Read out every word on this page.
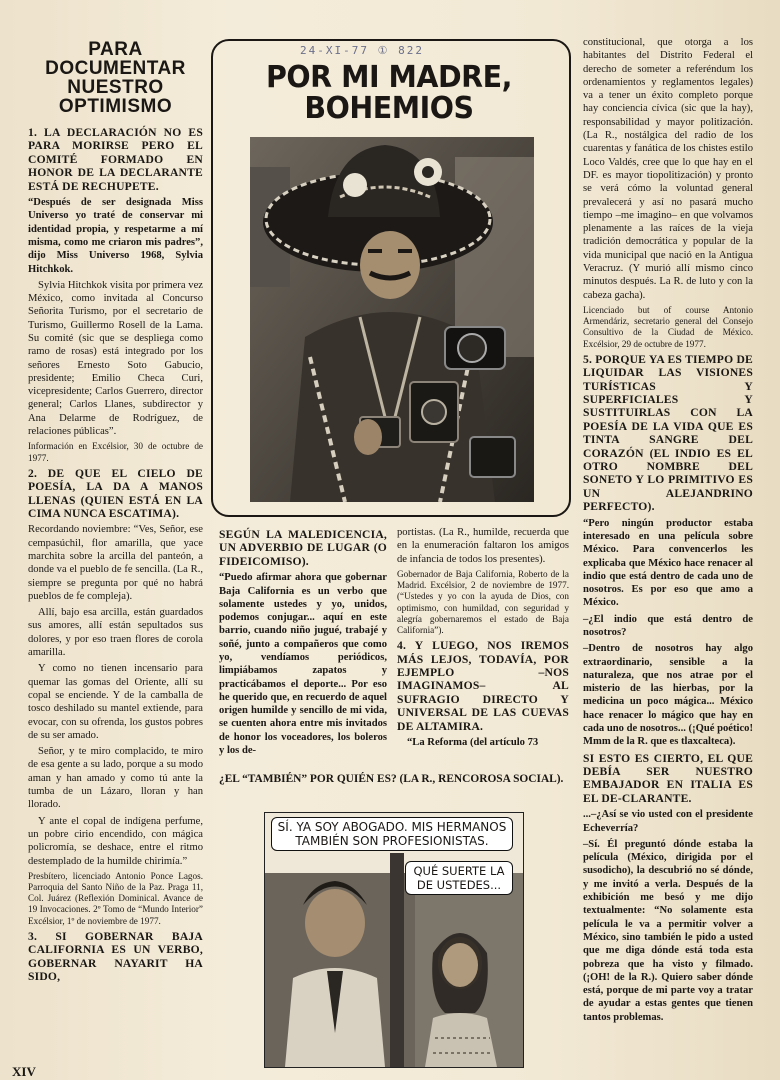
PARA
DOCUMENTAR
NUESTRO
OPTIMISMO
1. LA DECLARACIÓN NO ES PARA MORIRSE PERO EL COMITÉ FORMADO EN HONOR DE LA DECLARANTE ESTÁ DE RECHUPETE.

“Después de ser designada Miss Universo yo traté de conservar mi identidad propia, y respetarme a mí misma, como me criaron mis padres”, dijo Miss Universo 1968, Sylvia Hitchkok.

Sylvia Hitchkok visita por primera vez México, como invitada al Concurso Señorita Turismo, por el secretario de Turismo, Guillermo Rosell de la Lama. Su comité (sic que se despliega como ramo de rosas) está integrado por los señores Ernesto Soto Gabucio, presidente; Emilio Checa Curi, vicepresidente; Carlos Guerrero, director general; Carlos Llanes, subdirector y Ana Delarme de Rodríguez, de relaciones públicas”.

Información en Excélsior, 30 de octubre de 1977.

2. DE QUE EL CIELO DE POESÍA, LA DA A MANOS LLENAS (QUIEN ESTÁ EN LA CIMA NUNCA ESCATIMA).

Recordando noviembre: “Ves, Señor, ese cempasúchil, flor amarilla, que yace marchita sobre la arcilla del panteón, a donde va el pueblo de fe sencilla. (La R., siempre se pregunta por qué no habrá pueblos de fe compleja).

Allí, bajo esa arcilla, están guardados sus amores, allí están sepultados sus dolores, y por eso traen flores de corola amarilla.

Y como no tienen incensario para quemar las gomas del Oriente, allí su copal se enciende. Y de la camballa de tosco deshilado su mantel extiende, para evocar, con su ofrenda, los gustos pobres de su ser amado.

Señor, y te miro complacido, te miro de esa gente a su lado, porque a su modo aman y han amado y como tú ante la tumba de un Lázaro, lloran y han llorado.

Y ante el copal de indígena perfume, un pobre cirio encendido, con mágica policromía, se deshace, entre el ritmo destemplado de la humilde chirimía.”

Presbítero, licenciado Antonio Ponce Lagos. Parroquia del Santo Niño de la Paz. Praga 11, Col. Juárez (Reflexión Dominical. Avance de 19 Invocaciones. 2º Tomo de “Mundo Interior” Excélsior, 1º de noviembre de 1977.

3. SI GOBERNAR BAJA CALIFORNIA ES UN VERBO, GOBERNAR NAYARIT HA SIDO,
24-XI-77 ① 822
POR MI MADRE,
BOHEMIOS
SEGÚN LA MALEDICENCIA, UN ADVERBIO DE LUGAR (O FIDEICOMISO).

“Puedo afirmar ahora que gobernar Baja California es un verbo que solamente ustedes y yo, unidos, podemos conjugar... aquí en este barrio, cuando niño jugué, trabajé y soñé, junto a compañeros que como yo, vendíamos periódicos, limpiábamos zapatos y practicábamos el deporte... Por eso he querido que, en recuerdo de aquel origen humilde y sencillo de mi vida, se cuenten ahora entre mis invitados de honor los voceadores, los boleros y los de-

portistas. (La R., humilde, recuerda que en la enumeración faltaron los amigos de infancia de todos los presentes).

Gobernador de Baja California, Roberto de la Madrid. Excélsior, 2 de noviembre de 1977. (“Ustedes y yo con la ayuda de Dios, con optimismo, con humildad, con seguridad y alegría gobernaremos el estado de Baja California”).

4. Y LUEGO, NOS IREMOS MÁS LEJOS, TODAVÍA, POR EJEMPLO –NOS IMAGINAMOS– AL SUFRAGIO DIRECTO Y UNIVERSAL DE LAS CUEVAS DE ALTAMIRA.

“La Reforma (del artículo 73

¿EL “TAMBIÉN” POR QUIÉN ES? (LA R., RENCOROSA SOCIAL).
SÍ. YA SOY ABOGADO. MIS HERMANOS TAMBIÉN SON PROFESIONISTAS.
QUÉ SUERTE LA DE USTEDES...

constitucional, que otorga a los habitantes del Distrito Federal el derecho de someter a referéndum los ordenamientos y reglamentos legales) va a tener un éxito completo porque hay conciencia cívica (sic que la hay), responsabilidad y mayor politización. (La R., nostálgica del radio de los cuarentas y fanática de los chistes estilo Loco Valdés, cree que lo que hay en el DF. es mayor tiopolitización) y pronto se verá cómo la voluntad general prevalecerá y así no pasará mucho tiempo –me imagino– en que volvamos plenamente a las raíces de la vieja tradición democrática y popular de la vida municipal que nació en la Antigua Veracruz. (Y murió allí mismo cinco minutos después. La R. de luto y con la cabeza gacha).

Licenciado but of course Antonio Armendáriz, secretario general del Consejo Consultivo de la Ciudad de México. Excélsior, 29 de octubre de 1977.

5. PORQUE YA ES TIEMPO DE LIQUIDAR LAS VISIONES TURÍSTICAS Y SUPERFICIALES Y SUSTITUIRLAS CON LA POESÍA DE LA VIDA QUE ES TINTA SANGRE DEL CORAZÓN (EL INDIO ES EL OTRO NOMBRE DEL SONETO Y LO PRIMITIVO ES UN ALEJANDRINO PERFECTO).

“Pero ningún productor estaba interesado en una película sobre México. Para convencerlos les explicaba que México hace renacer al indio que está dentro de cada uno de nosotros. Es por eso que amo a México.

–¿El indio que está dentro de nosotros?

–Dentro de nosotros hay algo extraordinario, sensible a la naturaleza, que nos atrae por el misterio de las hierbas, por la medicina un poco mágica... México hace renacer lo mágico que hay en cada uno de nosotros... (¡Qué poético! Mmm de la R. que es tlaxcalteca).

SI ESTO ES CIERTO, EL QUE DEBÍA SER NUESTRO EMBAJADOR EN ITALIA ES EL DE-CLARANTE.

...–¿Así se vio usted con el presidente Echeverría?

–Sí. Él preguntó dónde estaba la película (México, dirigida por el susodicho), la descubrió no sé dónde, y me invitó a verla. Después de la exhibición me besó y me dijo textualmente: “No solamente esta película le va a permitir volver a México, sino también le pido a usted que me diga dónde está toda esta pobreza que ha visto y filmado. (¡OH! de la R.). Quiero saber dónde está, porque de mi parte voy a tratar de ayudar a estas gentes que tienen tantos problemas.

XIV
